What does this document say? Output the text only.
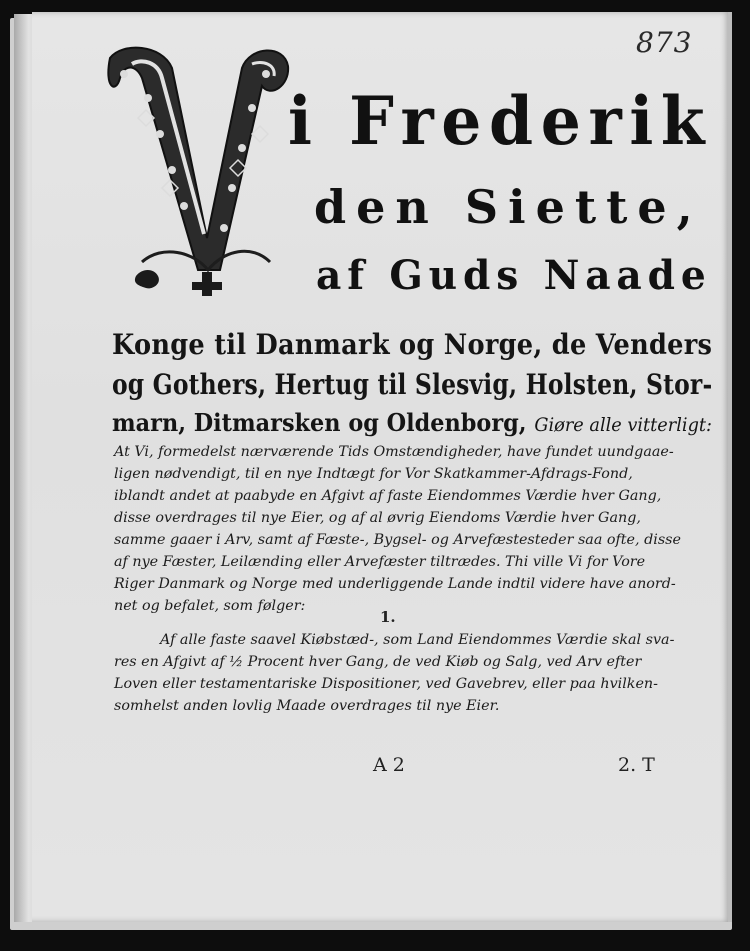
873
i Frederik
den Siette,
af Guds Naade
Konge til Danmark og Norge, de Venders
og Gothers, Hertug til Slesvig, Holsten, Stor-
marn, Ditmarsken og Oldenborg, Giøre alle vitterligt:
At Vi, formedelst nærværende Tids Omstændigheder, have fundet uundgaae-
ligen nødvendigt, til en nye Indtægt for Vor Skatkammer-Afdrags-Fond,
iblandt andet at paabyde en Afgivt af faste Eiendommes Værdie hver Gang,
disse overdrages til nye Eier, og af al øvrig Eiendoms Værdie hver Gang,
samme gaaer i Arv, samt af Fæste-, Bygsel- og Arvefæstesteder saa ofte, disse
af nye Fæster, Leilænding eller Arvefæster tiltrædes. Thi ville Vi for Vore
Riger Danmark og Norge med underliggende Lande indtil videre have anord-
net og befalet, som følger:
1.
Af alle faste saavel Kiøbstæd-, som Land Eiendommes Værdie skal sva-
res en Afgivt af ½ Procent hver Gang, de ved Kiøb og Salg, ved Arv efter
Loven eller testamentariske Dispositioner, ved Gavebrev, eller paa hvilken-
somhelst anden lovlig Maade overdrages til nye Eier.
A 2	2. T
